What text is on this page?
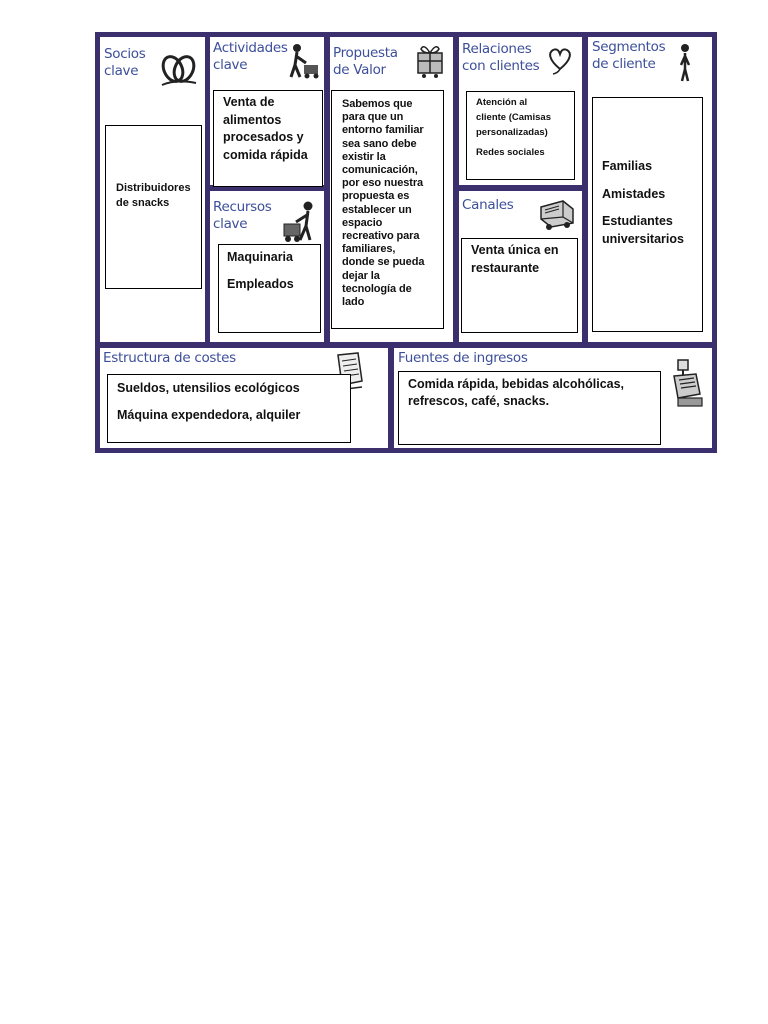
Socios
clave
Distribuidores
de snacks
Actividades
clave
Venta de
alimentos
procesados y
comida rápida
Recursos
clave
Maquinaria
Empleados
Propuesta
de Valor
Sabemos que
para que un
entorno familiar
sea sano debe
existir la
comunicación,
por eso nuestra
propuesta es
establecer un
espacio
recreativo para
familiares,
donde se pueda
dejar la
tecnología de
lado
Relaciones
con clientes
Atención al
cliente (Camisas
personalizadas)
Redes sociales
Canales
Venta única en
restaurante
Segmentos
de cliente
Familias
Amistades
Estudiantes
universitarios
Estructura de costes
Sueldos, utensilios ecológicos
Máquina expendedora, alquiler
Fuentes de ingresos
Comida rápida, bebidas alcohólicas,
refrescos, café, snacks.
